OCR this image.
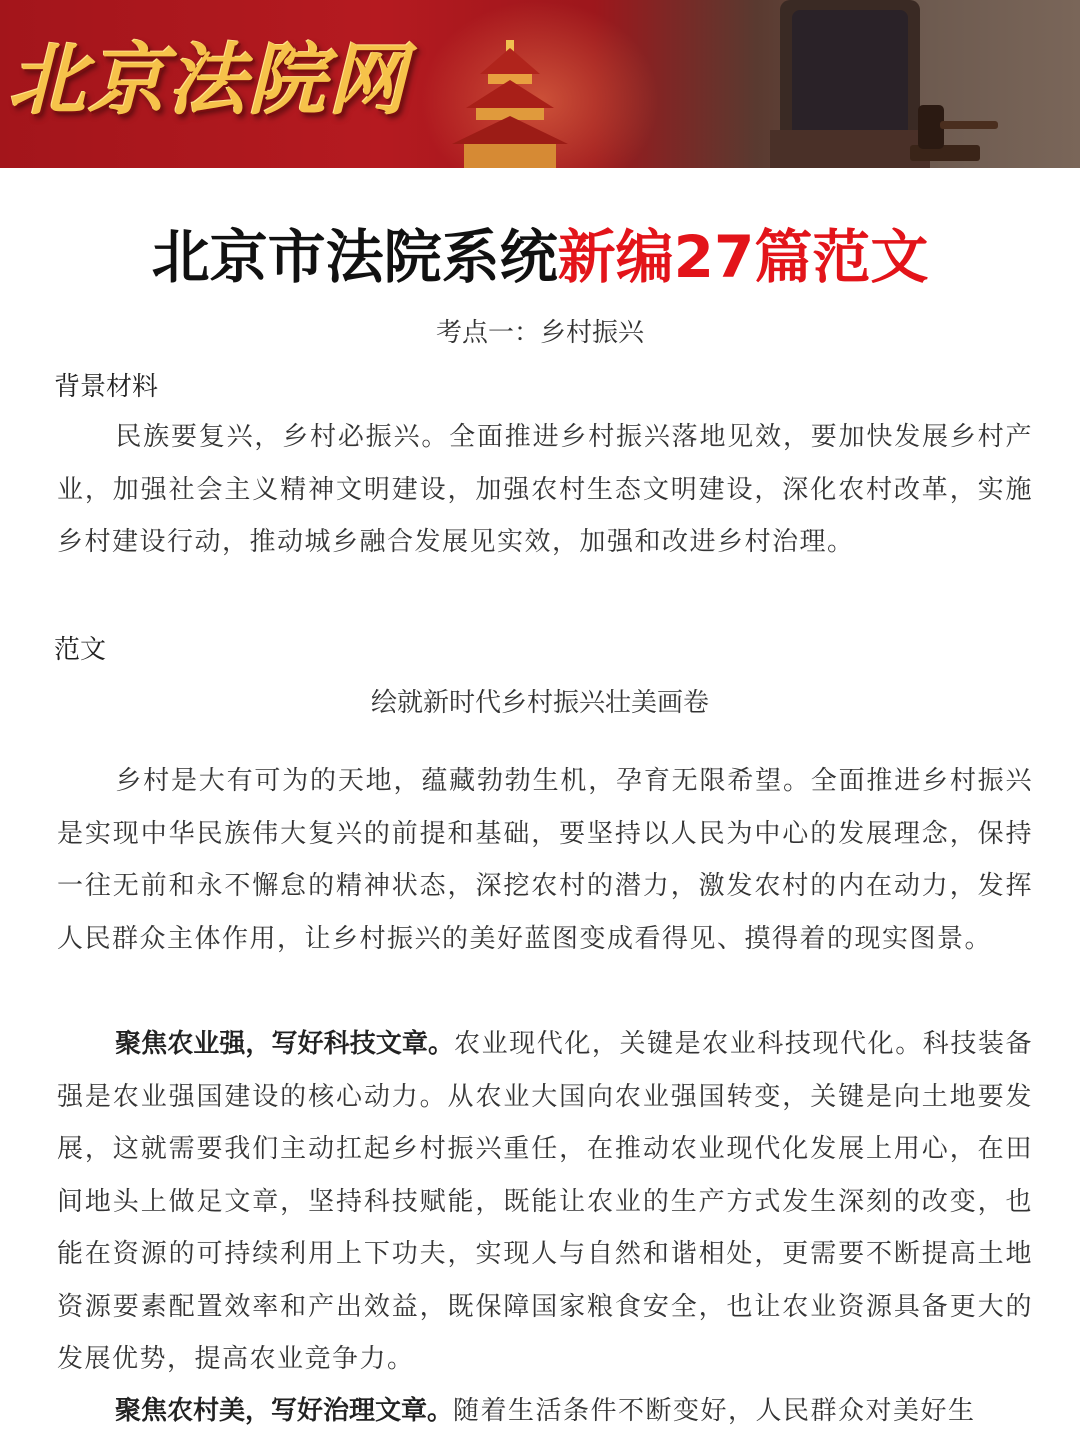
北京法院网
北京市法院系统新编27篇范文
考点一：乡村振兴
背景材料
民族要复兴，乡村必振兴。全面推进乡村振兴落地见效，要加快发展乡村产业，加强社会主义精神文明建设，加强农村生态文明建设，深化农村改革，实施乡村建设行动，推动城乡融合发展见实效，加强和改进乡村治理。
范文
绘就新时代乡村振兴壮美画卷
乡村是大有可为的天地，蕴藏勃勃生机，孕育无限希望。全面推进乡村振兴是实现中华民族伟大复兴的前提和基础，要坚持以人民为中心的发展理念，保持一往无前和永不懈怠的精神状态，深挖农村的潜力，激发农村的内在动力，发挥人民群众主体作用，让乡村振兴的美好蓝图变成看得见、摸得着的现实图景。
聚焦农业强，写好科技文章。农业现代化，关键是农业科技现代化。科技装备强是农业强国建设的核心动力。从农业大国向农业强国转变，关键是向土地要发展，这就需要我们主动扛起乡村振兴重任，在推动农业现代化发展上用心，在田间地头上做足文章，坚持科技赋能，既能让农业的生产方式发生深刻的改变，也能在资源的可持续利用上下功夫，实现人与自然和谐相处，更需要不断提高土地资源要素配置效率和产出效益，既保障国家粮食安全，也让农业资源具备更大的发展优势，提高农业竞争力。
聚焦农村美，写好治理文章。随着生活条件不断变好，人民群众对美好生
